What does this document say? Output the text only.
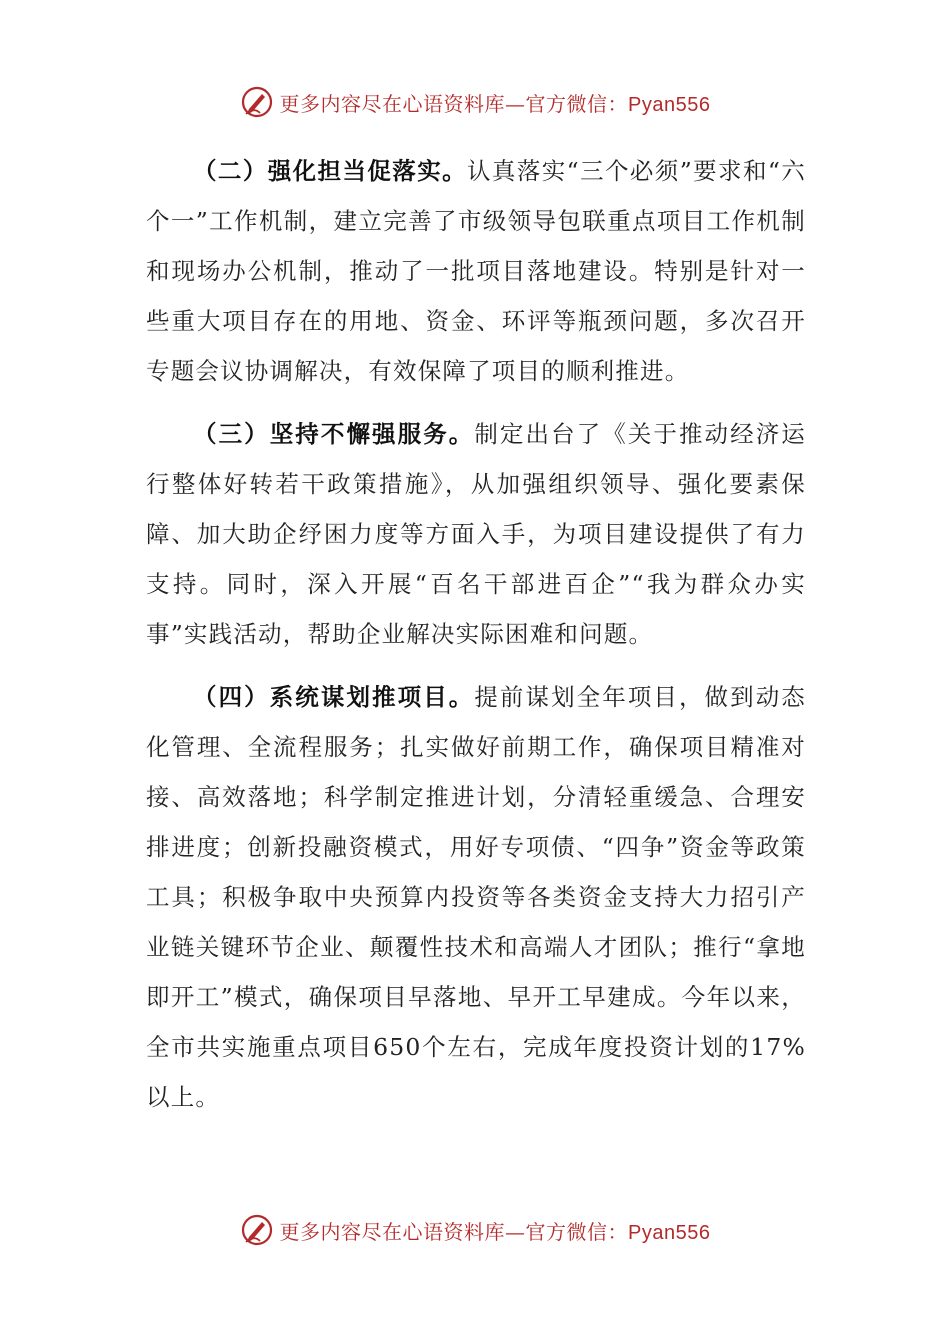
更多内容尽在心语资料库—官方微信：Pyan556

（二）强化担当促落实。认真落实“三个必须”要求和“六个一”工作机制，建立完善了市级领导包联重点项目工作机制和现场办公机制，推动了一批项目落地建设。特别是针对一些重大项目存在的用地、资金、环评等瓶颈问题，多次召开专题会议协调解决，有效保障了项目的顺利推进。

（三）坚持不懈强服务。制定出台了《关于推动经济运行整体好转若干政策措施》，从加强组织领导、强化要素保障、加大助企纾困力度等方面入手，为项目建设提供了有力支持。同时，深入开展“百名干部进百企”“我为群众办实事”实践活动，帮助企业解决实际困难和问题。

（四）系统谋划推项目。提前谋划全年项目，做到动态化管理、全流程服务；扎实做好前期工作，确保项目精准对接、高效落地；科学制定推进计划，分清轻重缓急、合理安排进度；创新投融资模式，用好专项债、“四争”资金等政策工具；积极争取中央预算内投资等各类资金支持大力招引产业链关键环节企业、颠覆性技术和高端人才团队；推行“拿地即开工”模式，确保项目早落地、早开工早建成。今年以来，全市共实施重点项目650个左右，完成年度投资计划的17%以上。

更多内容尽在心语资料库—官方微信：Pyan556
